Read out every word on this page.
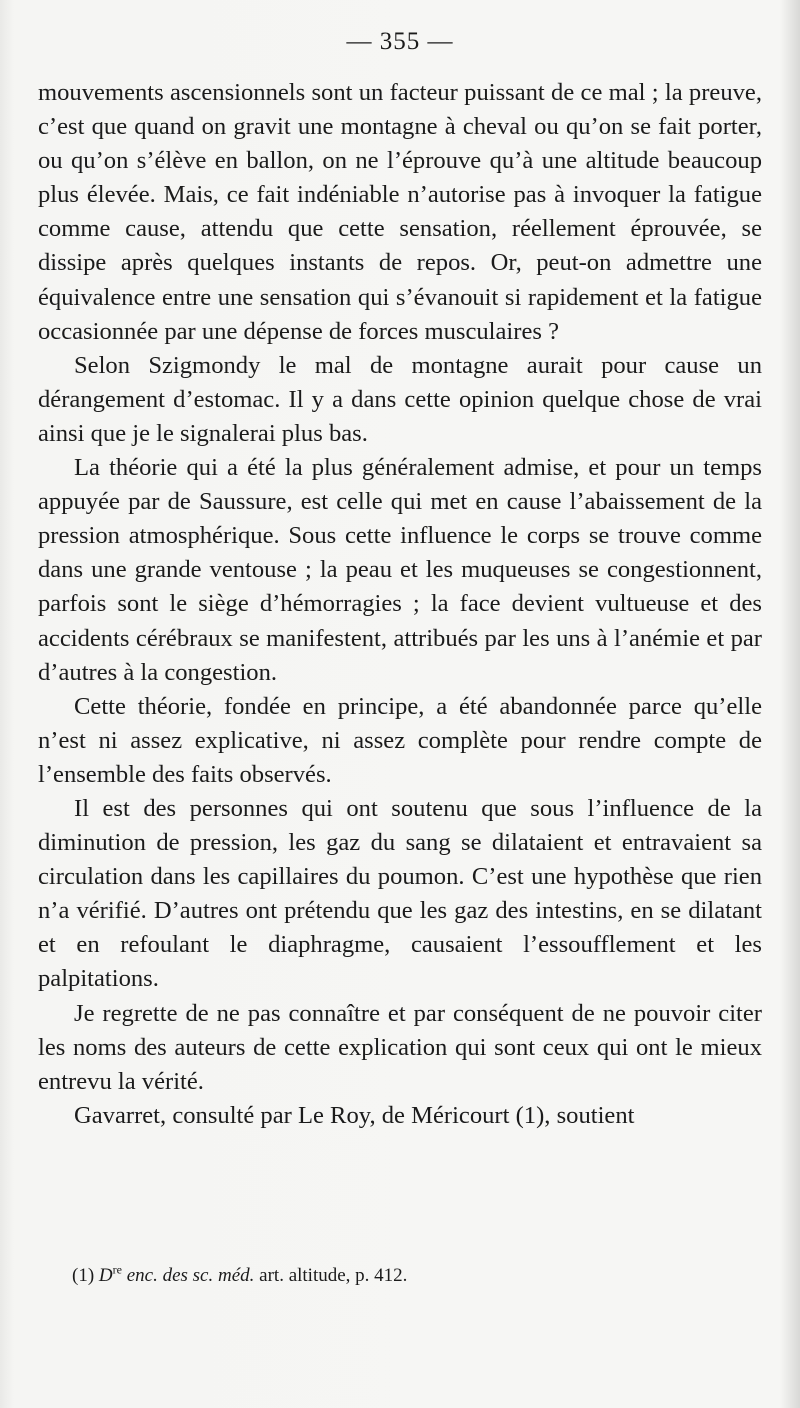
— 355 —

mouvements ascensionnels sont un facteur puissant de ce mal ; la preuve, c’est que quand on gravit une montagne à cheval ou qu’on se fait porter, ou qu’on s’élève en ballon, on ne l’éprouve qu’à une altitude beaucoup plus élevée. Mais, ce fait indéniable n’autorise pas à invoquer la fatigue comme cause, attendu que cette sensation, réellement éprouvée, se dissipe après quelques instants de repos. Or, peut-on admettre une équivalence entre une sensation qui s’évanouit si rapidement et la fatigue occasionnée par une dépense de forces musculaires ?

Selon Szigmondy le mal de montagne aurait pour cause un dérangement d’estomac. Il y a dans cette opinion quelque chose de vrai ainsi que je le signalerai plus bas.

La théorie qui a été la plus généralement admise, et pour un temps appuyée par de Saussure, est celle qui met en cause l’abaissement de la pression atmosphérique. Sous cette influence le corps se trouve comme dans une grande ventouse ; la peau et les muqueuses se congestionnent, parfois sont le siège d’hémorragies ; la face devient vultueuse et des accidents cérébraux se manifestent, attribués par les uns à l’anémie et par d’autres à la congestion.

Cette théorie, fondée en principe, a été abandonnée parce qu’elle n’est ni assez explicative, ni assez complète pour rendre compte de l’ensemble des faits observés.

Il est des personnes qui ont soutenu que sous l’influence de la diminution de pression, les gaz du sang se dilataient et entravaient sa circulation dans les capillaires du poumon. C’est une hypothèse que rien n’a vérifié. D’autres ont prétendu que les gaz des intestins, en se dilatant et en refoulant le diaphragme, causaient l’essoufflement et les palpitations.

Je regrette de ne pas connaître et par conséquent de ne pouvoir citer les noms des auteurs de cette explication qui sont ceux qui ont le mieux entrevu la vérité.

Gavarret, consulté par Le Roy, de Méricourt (1), soutient

(1) Dre enc. des sc. méd. art. altitude, p. 412.
